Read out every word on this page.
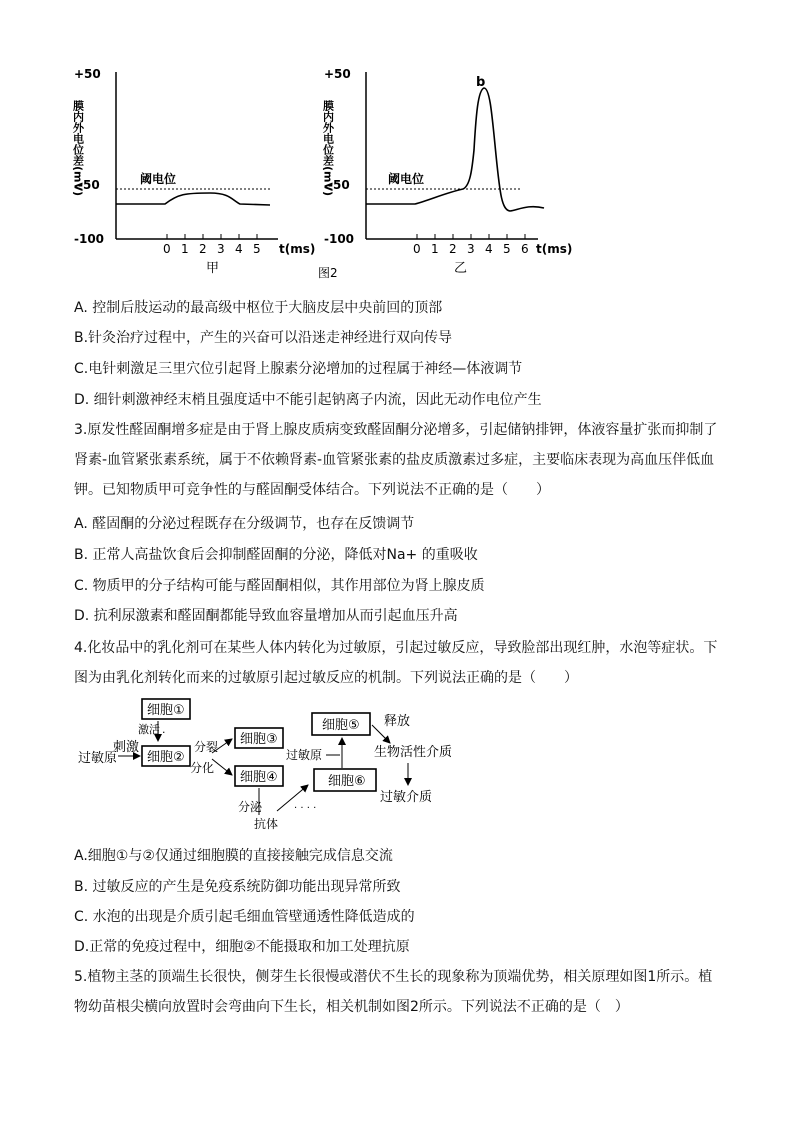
+50
-50
-100
膜内外电位差(mV)	阈电位
0 1 2 3 4 5 t(ms)
甲
+50
-50
-100
膜内外电位差(mV)	阈电位
b
0 1 2 3 4 5 6 t(ms)
乙
图2
A. 控制后肢运动的最高级中枢位于大脑皮层中央前回的顶部
B.针灸治疗过程中，产生的兴奋可以沿迷走神经进行双向传导
C.电针刺激足三里穴位引起肾上腺素分泌增加的过程属于神经—体液调节
D. 细针刺激神经末梢且强度适中不能引起钠离子内流，因此无动作电位产生
3.原发性醛固酮增多症是由于肾上腺皮质病变致醛固酮分泌增多，引起储钠排钾，体液容量扩张而抑制了肾素-血管紧张素系统，属于不依赖肾素-血管紧张素的盐皮质激素过多症，主要临床表现为高血压伴低血钾。已知物质甲可竞争性的与醛固酮受体结合。下列说法不正确的是（　　）
A. 醛固酮的分泌过程既存在分级调节，也存在反馈调节
B. 正常人高盐饮食后会抑制醛固酮的分泌，降低对Na+ 的重吸收
C. 物质甲的分子结构可能与醛固酮相似，其作用部位为肾上腺皮质
D. 抗利尿激素和醛固酮都能导致血容量增加从而引起血压升高
4.化妆品中的乳化剂可在某些人体内转化为过敏原，引起过敏反应，导致脸部出现红肿，水泡等症状。下图为由乳化剂转化而来的过敏原引起过敏反应的机制。下列说法正确的是（　　）
细胞①
激活 .
过敏原
刺激
细胞②
分裂
分化
细胞③
细胞④
分泌
抗体
· · · ·
细胞⑤
过敏原
细胞⑥
释放
生物活性介质
过敏介质
A.细胞①与②仅通过细胞膜的直接接触完成信息交流
B. 过敏反应的产生是免疫系统防御功能出现异常所致
C. 水泡的出现是介质引起毛细血管壁通透性降低造成的
D.正常的免疫过程中，细胞②不能摄取和加工处理抗原
5.植物主茎的顶端生长很快，侧芽生长很慢或潜伏不生长的现象称为顶端优势，相关原理如图1所示。植物幼苗根尖横向放置时会弯曲向下生长，相关机制如图2所示。下列说法不正确的是（　）
